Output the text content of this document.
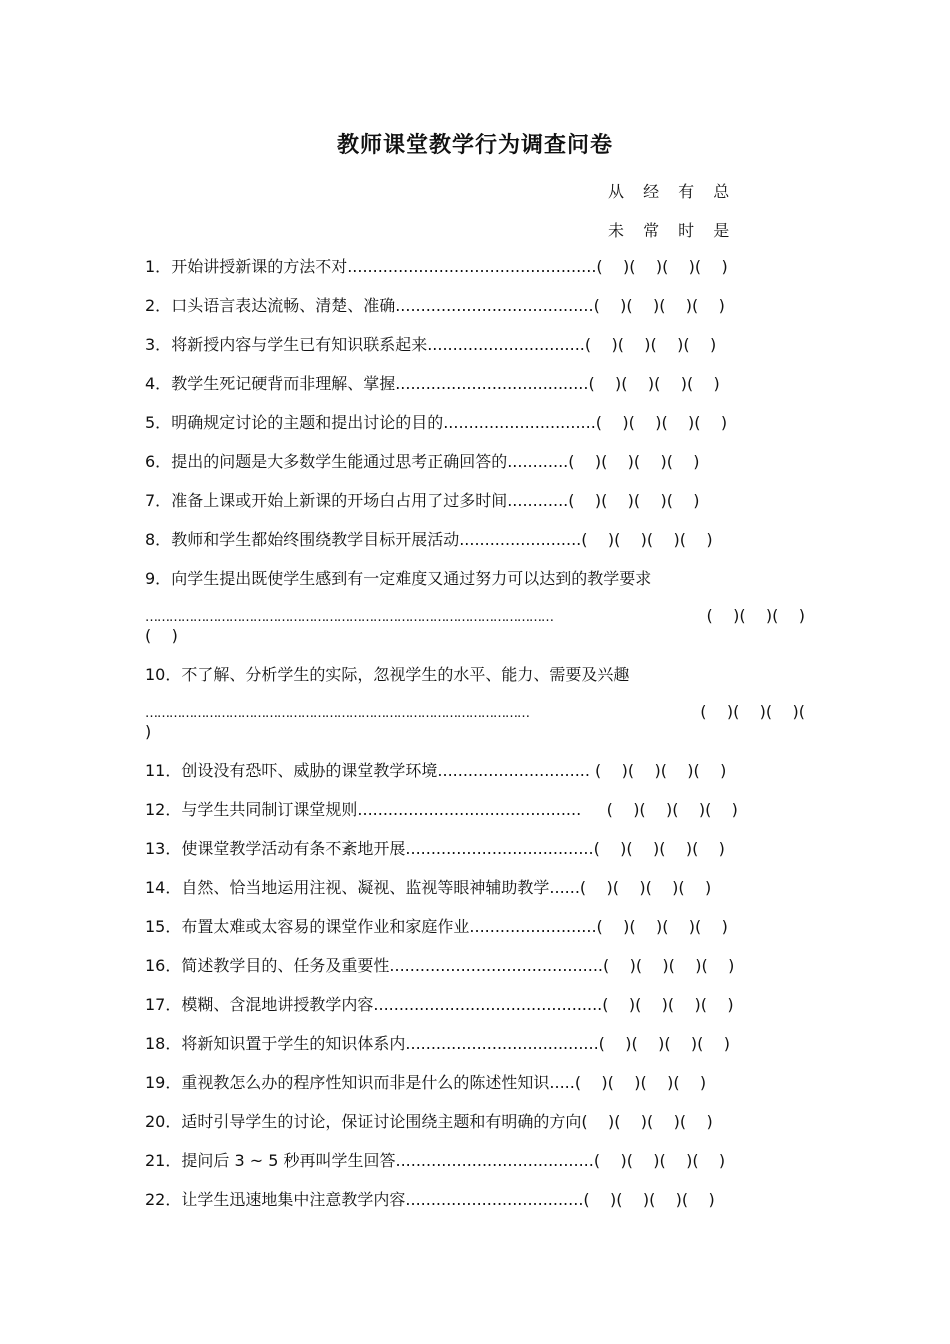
教师课堂教学行为调查问卷
从 经 有 总
未 常 时 是
1．开始讲授新课的方法不对.................................................(    )(    )(    )(    )
2．口头语言表达流畅、清楚、准确.......................................(    )(    )(    )(    )
3．将新授内容与学生已有知识联系起来...............................(    )(    )(    )(    )
4．教学生死记硬背而非理解、掌握......................................(    )(    )(    )(    )
5．明确规定讨论的主题和提出讨论的目的..............................(    )(    )(    )(    )
6．提出的问题是大多数学生能通过思考正确回答的............(    )(    )(    )(    )
7．准备上课或开始上新课的开场白占用了过多时间............(    )(    )(    )(    )
8．教师和学生都始终围绕教学目标开展活动........................(    )(    )(    )(    )
9．向学生提出既使学生感到有一定难度又通过努力可以达到的教学要求
…………………………………………………………………………………………	(    )(    )(    )
(    )
10．不了解、分析学生的实际，忽视学生的水平、能力、需要及兴趣
……………………………………………………………………………………	(    )(    )(    )(
)
11．创设没有恐吓、威胁的课堂教学环境.............................. (    )(    )(    )(    )
12．与学生共同制订课堂规则............................................     (    )(    )(    )(    )
13．使课堂教学活动有条不紊地开展.....................................(    )(    )(    )(    )
14．自然、恰当地运用注视、凝视、监视等眼神辅助教学......(    )(    )(    )(    )
15．布置太难或太容易的课堂作业和家庭作业.........................(    )(    )(    )(    )
16．简述教学目的、任务及重要性..........................................(    )(    )(    )(    )
17．模糊、含混地讲授教学内容.............................................(    )(    )(    )(    )
18．将新知识置于学生的知识体系内......................................(    )(    )(    )(    )
19．重视教怎么办的程序性知识而非是什么的陈述性知识.....(    )(    )(    )(    )
20．适时引导学生的讨论，保证讨论围绕主题和有明确的方向(    )(    )(    )(    )
21．提问后 3 ~ 5 秒再叫学生回答.......................................(    )(    )(    )(    )
22．让学生迅速地集中注意教学内容...................................(    )(    )(    )(    )
